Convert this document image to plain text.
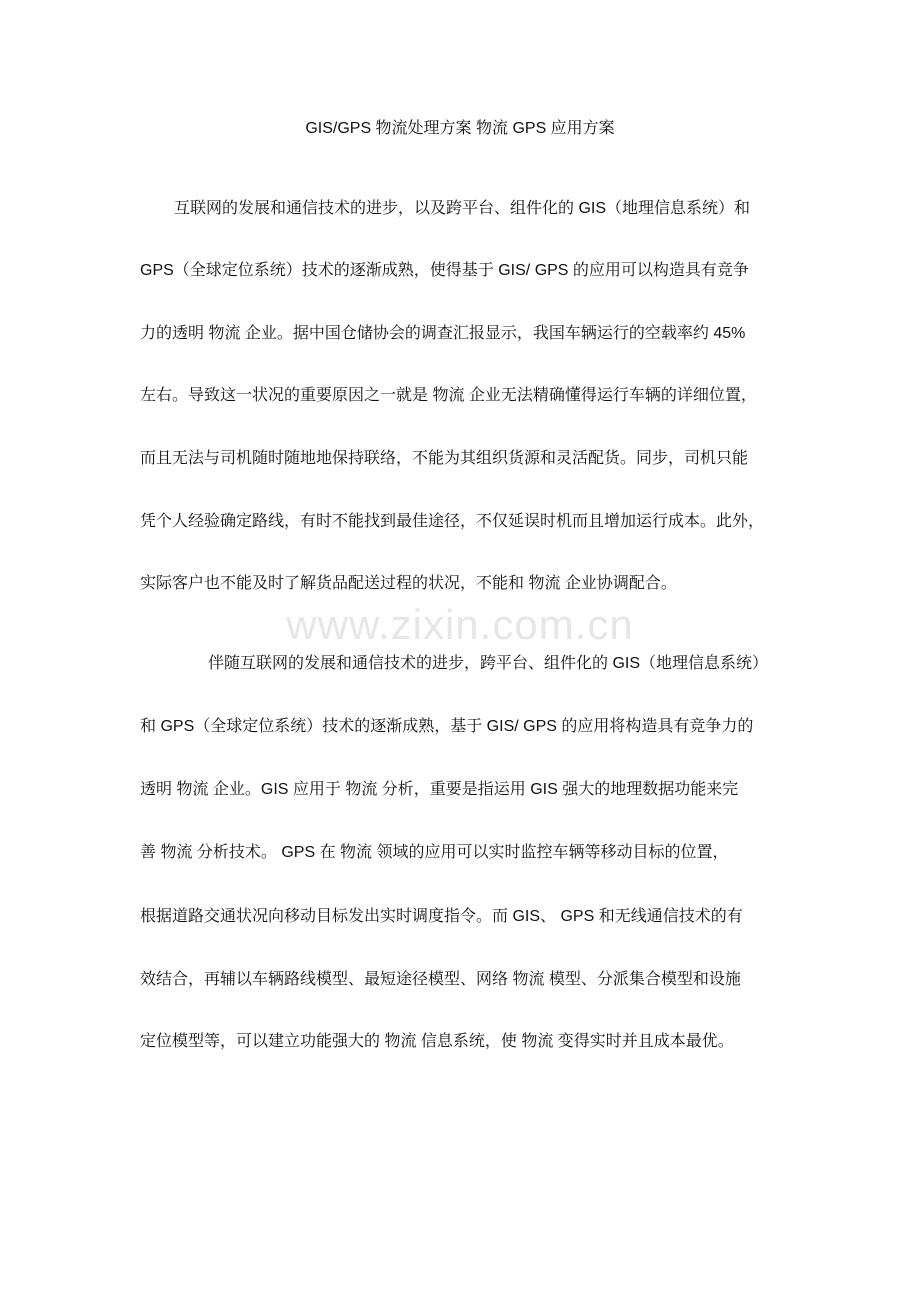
GIS/GPS 物流处理方案 物流 GPS 应用方案
www.zixin.com.cn
互联网的发展和通信技术的进步，以及跨平台、组件化的 GIS（地理信息系统）和
GPS（全球定位系统）技术的逐渐成熟，使得基于 GIS/ GPS 的应用可以构造具有竞争
力的透明 物流 企业。据中国仓储协会的调查汇报显示，我国车辆运行的空载率约 45%
左右。导致这一状况的重要原因之一就是 物流 企业无法精确懂得运行车辆的详细位置，
而且无法与司机随时随地地保持联络，不能为其组织货源和灵活配货。同步，司机只能
凭个人经验确定路线，有时不能找到最佳途径，不仅延误时机而且增加运行成本。此外，
实际客户也不能及时了解货品配送过程的状况，不能和 物流 企业协调配合。
伴随互联网的发展和通信技术的进步，跨平台、组件化的 GIS（地理信息系统）
和 GPS（全球定位系统）技术的逐渐成熟，基于 GIS/ GPS 的应用将构造具有竞争力的
透明 物流 企业。GIS 应用于 物流 分析，重要是指运用 GIS 强大的地理数据功能来完
善 物流 分析技术。 GPS 在 物流 领域的应用可以实时监控车辆等移动目标的位置，
根据道路交通状况向移动目标发出实时调度指令。而 GIS、 GPS 和无线通信技术的有
效结合，再辅以车辆路线模型、最短途径模型、网络 物流 模型、分派集合模型和设施
定位模型等，可以建立功能强大的 物流 信息系统，使 物流 变得实时并且成本最优。
